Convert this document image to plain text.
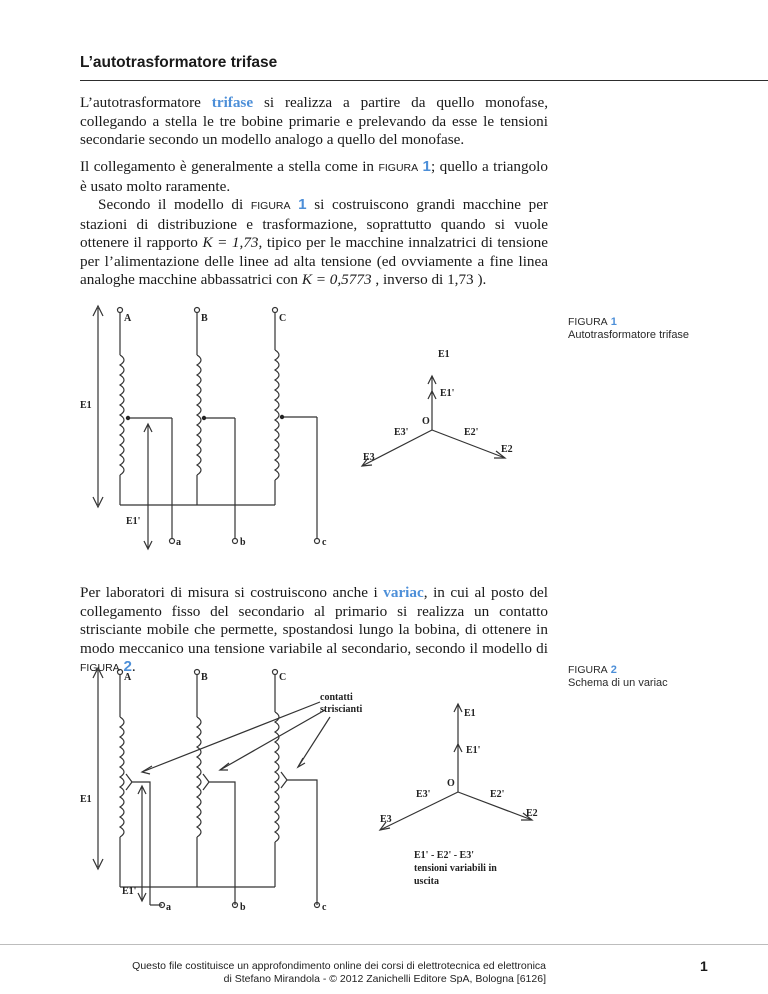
L’autotrasformatore trifase

L’autotrasformatore trifase si realizza a partire da quello monofase, collegando a stella le tre bobine primarie e prelevando da esse le tensioni secondarie secondo un modello analogo a quello del monofase.

Il collegamento è generalmente a stella come in FIGURA 1; quello a triangolo è usato molto raramente.

Secondo il modello di FIGURA 1 si costruiscono grandi macchine per stazioni di distribuzione e trasformazione, soprattutto quando si vuole ottenere il rapporto K = 1,73, tipico per le macchine innalzatrici di tensione per l’alimentazione delle linee ad alta tensione (ed ovviamente a fine linea analoghe macchine abbassatrici con K = 0,5773 , inverso di 1,73 ).

FIGURA 1
Autotrasformatore trifase
A	B	C
E1
E1'
a	b	c
E1
E1'
O
E2'
E2
E3'
E3

Per laboratori di misura si costruiscono anche i variac, in cui al posto del collegamento fisso del secondario al primario si realizza un contatto strisciante mobile che permette, spostandosi lungo la bobina, di ottenere in modo meccanico una tensione variabile al secondario, secondo il modello di FIGURA 2.	FIGURA 2
Schema di un variac
A	B	C
E1
E1'
a	b	c
contatti
striscianti	E1
E1'
O
E2'
E2
E3'
E3
E1' - E2' - E3'
tensioni variabili in
uscita
Questo file costituisce un approfondimento online dei corsi di elettrotecnica ed elettronica
di Stefano Mirandola - © 2012 Zanichelli Editore SpA, Bologna [6126]
1
